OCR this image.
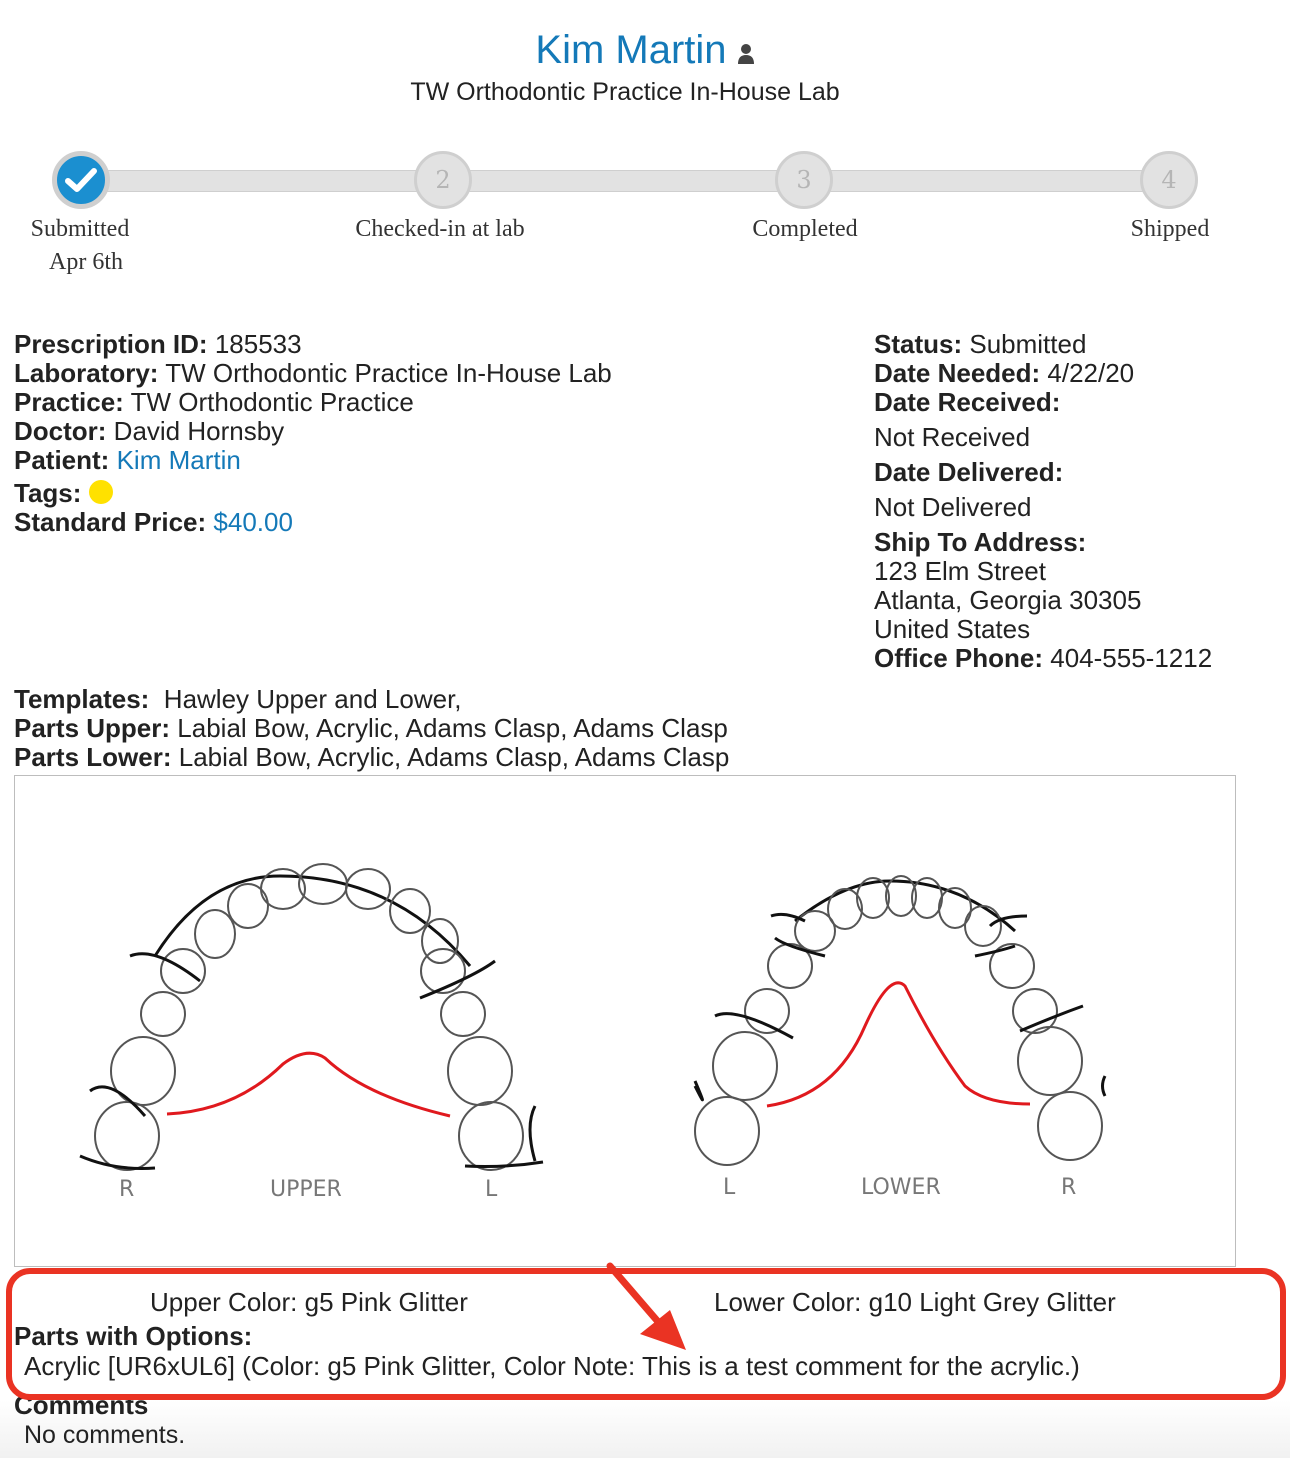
Kim Martin
TW Orthodontic Practice In-House Lab
2	3	4
Submitted
Apr 6th
Checked-in at lab	Completed	Shipped
Prescription ID: 185533
Laboratory: TW Orthodontic Practice In-House Lab
Practice: TW Orthodontic Practice
Doctor: David Hornsby
Patient: Kim Martin
Tags:
Standard Price: $40.00
Status: Submitted
Date Needed: 4/22/20
Date Received:
Not Received
Date Delivered:
Not Delivered
Ship To Address:
123 Elm Street
Atlanta, Georgia 30305
United States
Office Phone: 404-555-1212
Templates: Hawley Upper and Lower,
Parts Upper: Labial Bow, Acrylic, Adams Clasp, Adams Clasp
Parts Lower: Labial Bow, Acrylic, Adams Clasp, Adams Clasp
R	UPPER	L	L	LOWER	R
Upper Color: g5 Pink Glitter	Lower Color: g10 Light Grey Glitter
Parts with Options:
Acrylic [UR6xUL6] (Color: g5 Pink Glitter, Color Note: This is a test comment for the acrylic.)
Comments
No comments.
